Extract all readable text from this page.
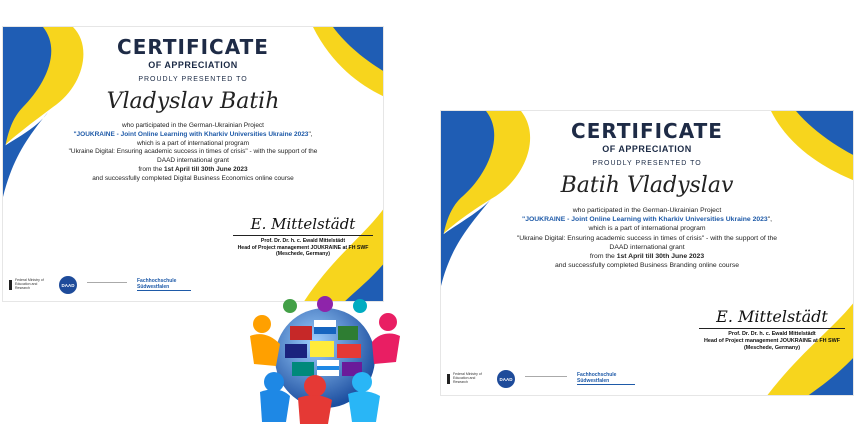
CERTIFICATE
OF APPRECIATION
PROUDLY PRESENTED TO
Vladyslav Batih
who participated in the German-Ukrainian Project
"JOUKRAINE - Joint Online Learning with Kharkiv Universities Ukraine 2023",
which is a part of international program
"Ukraine Digital: Ensuring academic success in times of crisis" - with the support of the
DAAD international grant
from the 1st April till 30th June 2023
and successfully completed Digital Business Economics online course
E. Mittelstädt
Prof. Dr. Dr. h. c. Ewald Mittelstädt
Head of Project management JOUKRAINE at FH SWF
(Meschede, Germany)
Federal Ministry of Education and Research
DAAD
Fachhochschule Südwestfalen
CERTIFICATE
OF APPRECIATION
PROUDLY PRESENTED TO
Batih Vladyslav
who participated in the German-Ukrainian Project
"JOUKRAINE - Joint Online Learning with Kharkiv Universities Ukraine 2023",
which is a part of international program
"Ukraine Digital: Ensuring academic success in times of crisis" - with the support of the
DAAD international grant
from the 1st April till 30th June 2023
and successfully completed Business Branding online course
E. Mittelstädt
Prof. Dr. Dr. h. c. Ewald Mittelstädt
Head of Project management JOUKRAINE at FH SWF
(Meschede, Germany)
Federal Ministry of Education and Research
DAAD
Fachhochschule Südwestfalen
